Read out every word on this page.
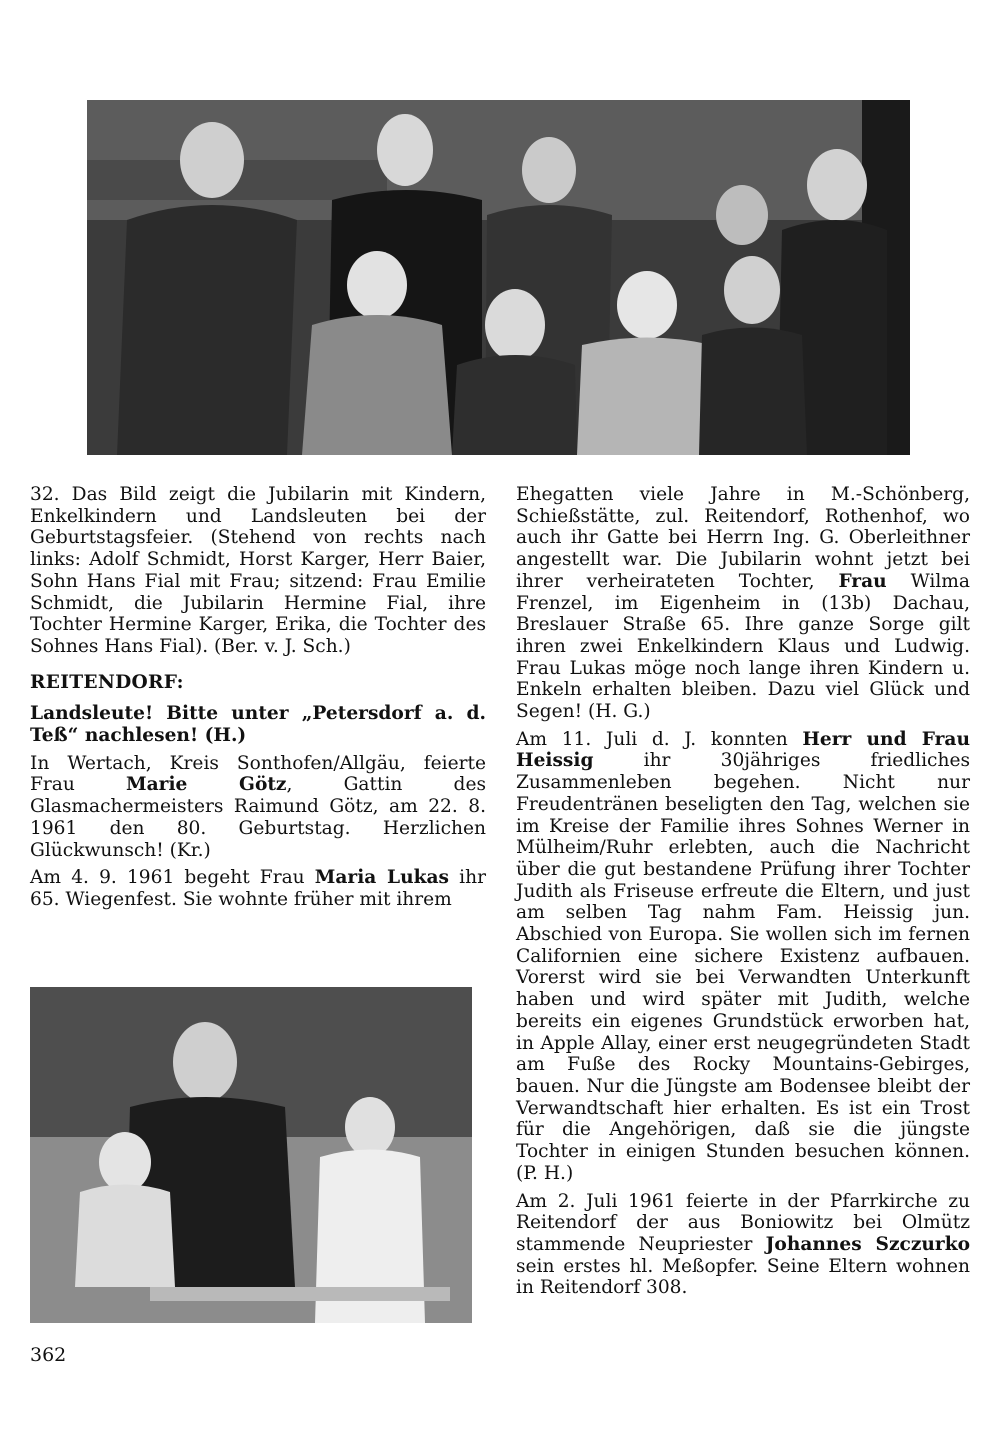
32. Das Bild zeigt die Jubilarin mit Kindern, Enkelkindern und Landsleuten bei der Geburtstagsfeier. (Stehend von rechts nach links: Adolf Schmidt, Horst Karger, Herr Baier, Sohn Hans Fial mit Frau; sitzend: Frau Emilie Schmidt, die Jubilarin Hermine Fial, ihre Tochter Hermine Karger, Erika, die Tochter des Sohnes Hans Fial). (Ber. v. J. Sch.)

REITENDORF:

Landsleute! Bitte unter „Petersdorf a. d. Teß“ nachlesen! (H.)

In Wertach, Kreis Sonthofen/Allgäu, feierte Frau Marie Götz, Gattin des Glasmachermeisters Raimund Götz, am 22. 8. 1961 den 80. Geburtstag. Herzlichen Glückwunsch! (Kr.)

Am 4. 9. 1961 begeht Frau Maria Lukas ihr 65. Wiegenfest. Sie wohnte früher mit ihrem

Ehegatten viele Jahre in M.-Schönberg, Schießstätte, zul. Reitendorf, Rothenhof, wo auch ihr Gatte bei Herrn Ing. G. Oberleithner angestellt war. Die Jubilarin wohnt jetzt bei ihrer verheirateten Tochter, Frau Wilma Frenzel, im Eigenheim in (13b) Dachau, Breslauer Straße 65. Ihre ganze Sorge gilt ihren zwei Enkelkindern Klaus und Ludwig. Frau Lukas möge noch lange ihren Kindern u. Enkeln erhalten bleiben. Dazu viel Glück und Segen! (H. G.)

Am 11. Juli d. J. konnten Herr und Frau Heissig ihr 30jähriges friedliches Zusammenleben begehen. Nicht nur Freudentränen beseligten den Tag, welchen sie im Kreise der Familie ihres Sohnes Werner in Mülheim/Ruhr erlebten, auch die Nachricht über die gut bestandene Prüfung ihrer Tochter Judith als Friseuse erfreute die Eltern, und just am selben Tag nahm Fam. Heissig jun. Abschied von Europa. Sie wollen sich im fernen Californien eine sichere Existenz aufbauen. Vorerst wird sie bei Verwandten Unterkunft haben und wird später mit Judith, welche bereits ein eigenes Grundstück erworben hat, in Apple Allay, einer erst neugegründeten Stadt am Fuße des Rocky Mountains-Gebirges, bauen. Nur die Jüngste am Bodensee bleibt der Verwandtschaft hier erhalten. Es ist ein Trost für die Angehörigen, daß sie die jüngste Tochter in einigen Stunden besuchen können. (P. H.)

Am 2. Juli 1961 feierte in der Pfarrkirche zu Reitendorf der aus Boniowitz bei Olmütz stammende Neupriester Johannes Szczurko sein erstes hl. Meßopfer. Seine Eltern wohnen in Reitendorf 308.

362
